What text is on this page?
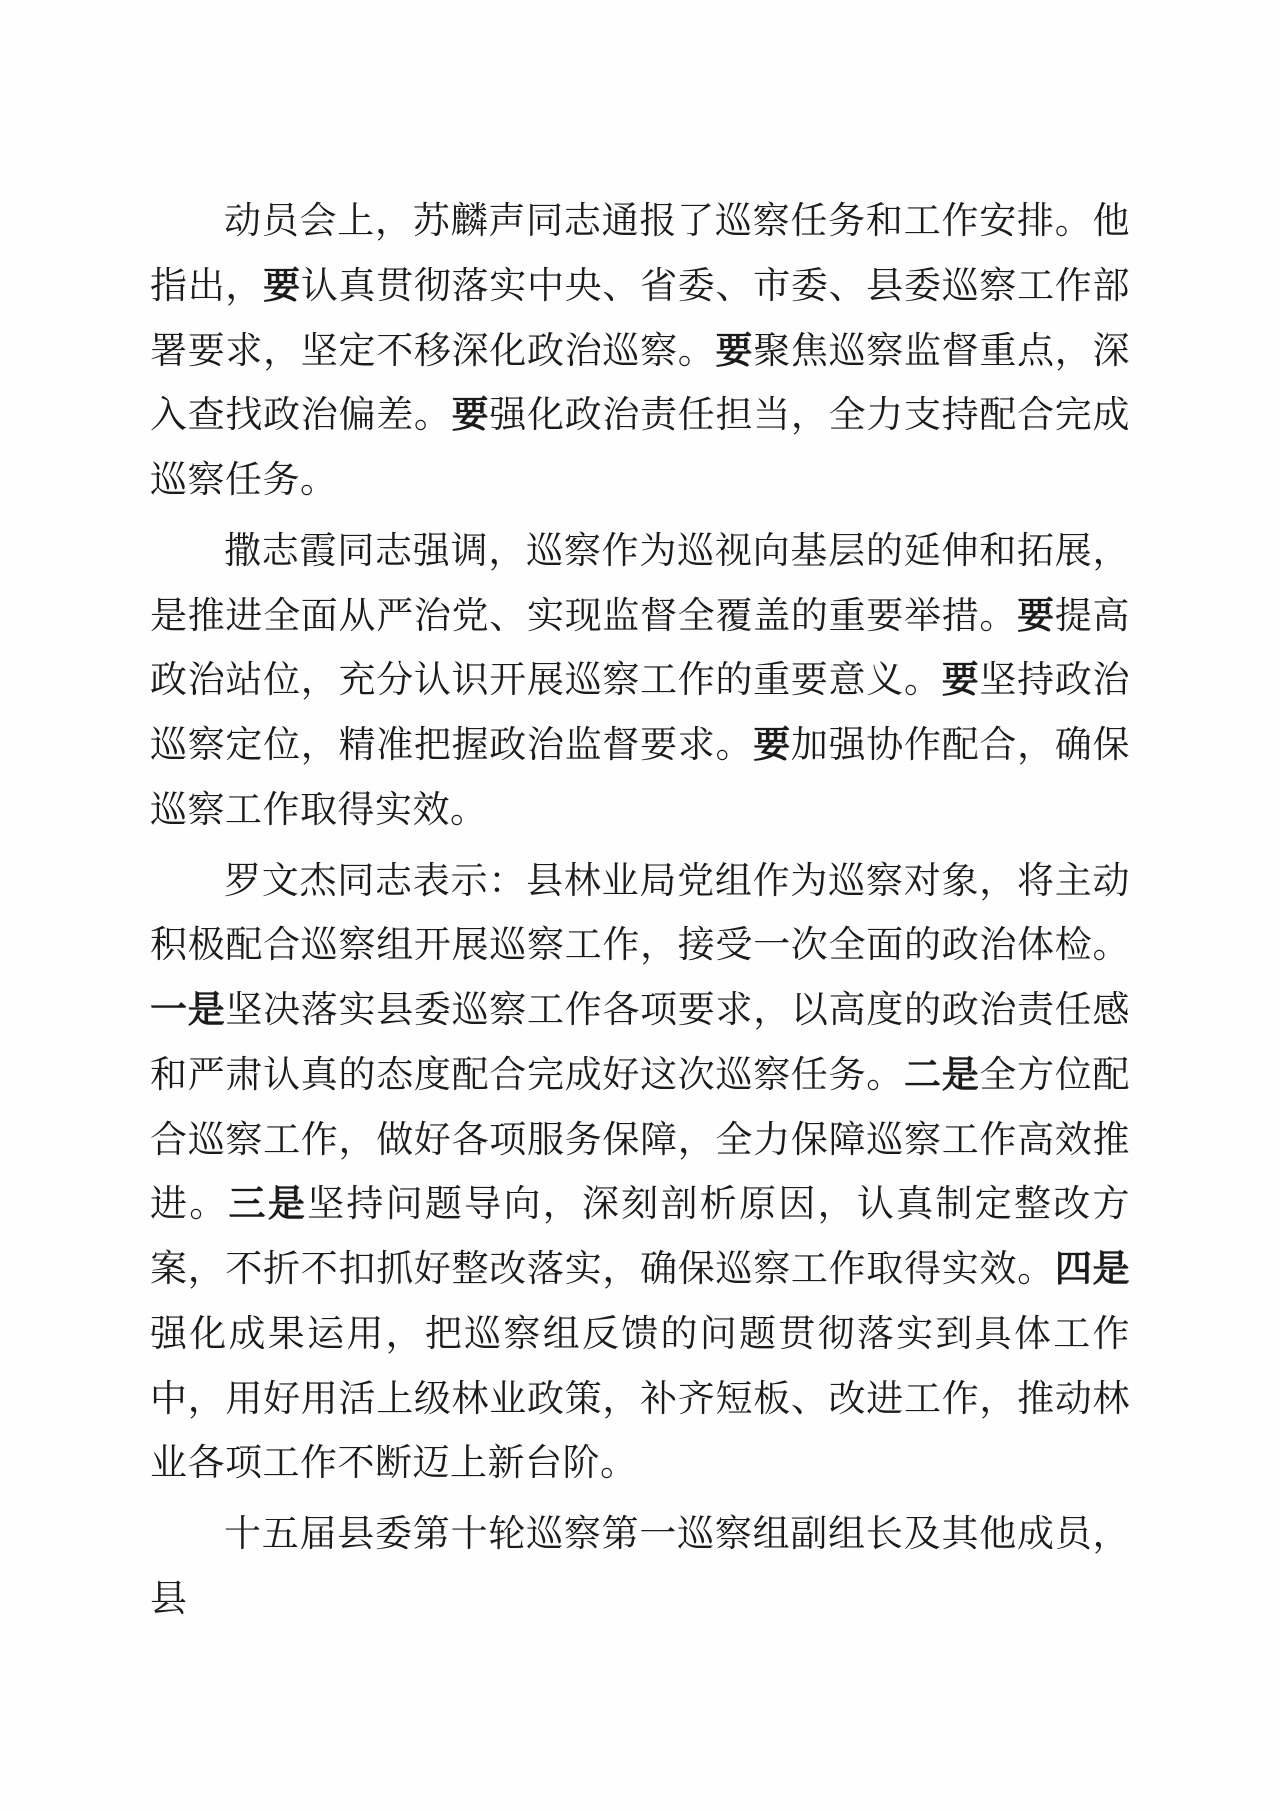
动员会上，苏麟声同志通报了巡察任务和工作安排。他指出，要认真贯彻落实中央、省委、市委、县委巡察工作部署要求，坚定不移深化政治巡察。要聚焦巡察监督重点，深入查找政治偏差。要强化政治责任担当，全力支持配合完成巡察任务。

撒志霞同志强调，巡察作为巡视向基层的延伸和拓展，是推进全面从严治党、实现监督全覆盖的重要举措。要提高政治站位，充分认识开展巡察工作的重要意义。要坚持政治巡察定位，精准把握政治监督要求。要加强协作配合，确保巡察工作取得实效。

罗文杰同志表示：县林业局党组作为巡察对象，将主动积极配合巡察组开展巡察工作，接受一次全面的政治体检。一是坚决落实县委巡察工作各项要求，以高度的政治责任感和严肃认真的态度配合完成好这次巡察任务。二是全方位配合巡察工作，做好各项服务保障，全力保障巡察工作高效推进。三是坚持问题导向，深刻剖析原因，认真制定整改方案，不折不扣抓好整改落实，确保巡察工作取得实效。四是强化成果运用，把巡察组反馈的问题贯彻落实到具体工作中，用好用活上级林业政策，补齐短板、改进工作，推动林业各项工作不断迈上新台阶。

十五届县委第十轮巡察第一巡察组副组长及其他成员，县
